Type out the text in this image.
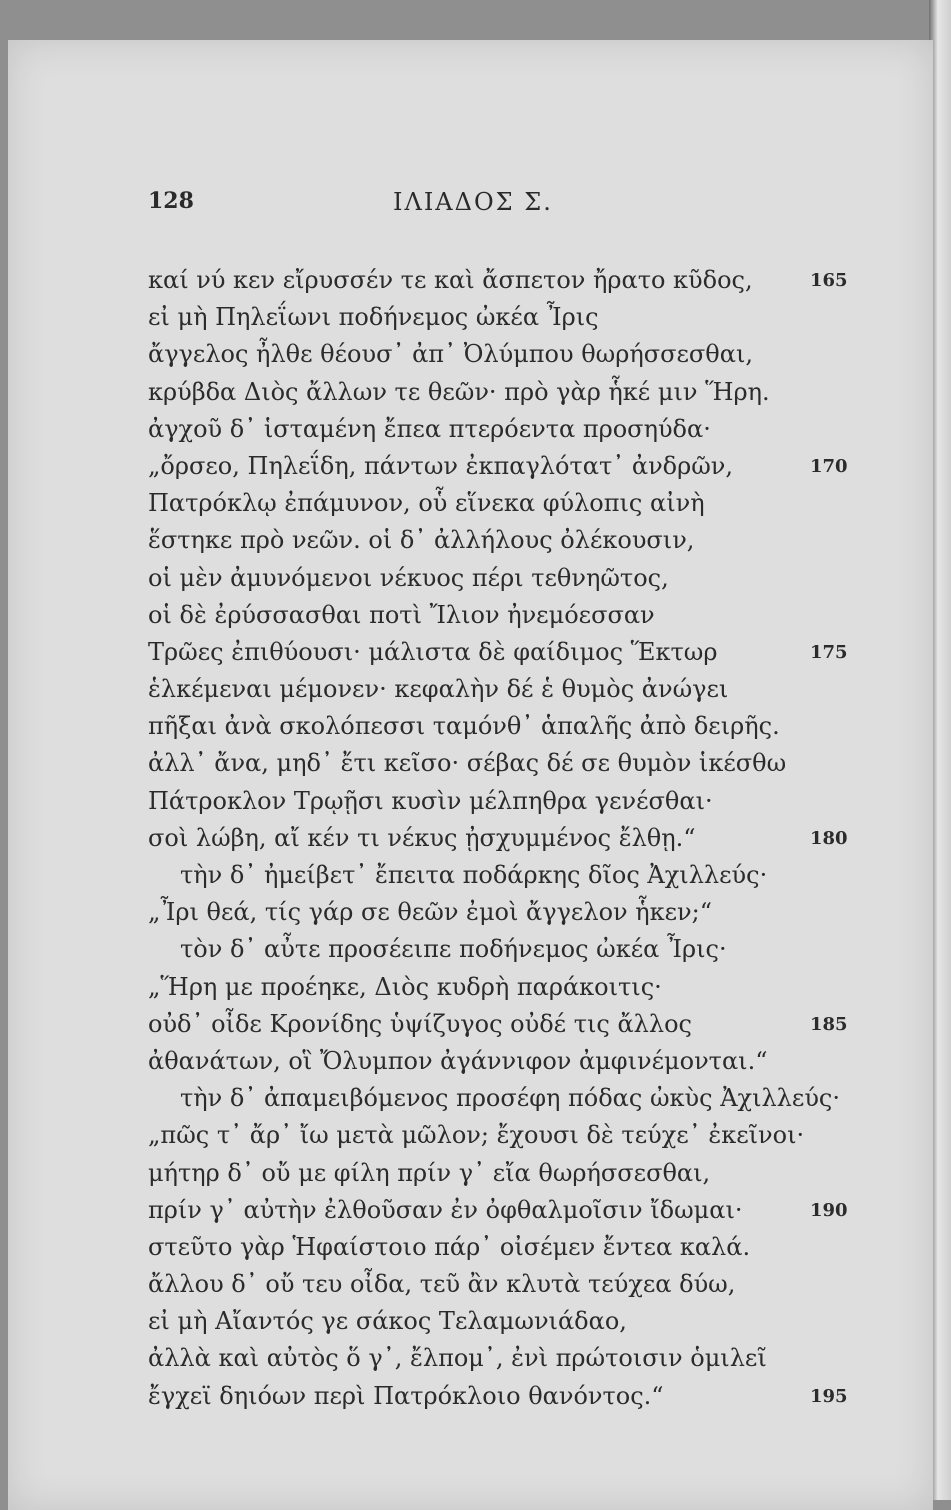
128	ΙΛΙΑΔΟΣ Σ.
καί νύ κεν εἴρυσσέν τε καὶ ἄσπετον ἤρατο κῦδος,	165
εἰ μὴ Πηλεΐωνι ποδήνεμος ὠκέα Ἶρις
ἄγγελος ἦλθε θέουσ᾽ ἀπ᾽ Ὀλύμπου θωρήσσεσθαι,
κρύβδα Διὸς ἄλλων τε θεῶν· πρὸ γὰρ ἧκέ μιν Ἥρη.
ἀγχοῦ δ᾽ ἱσταμένη ἔπεα πτερόεντα προσηύδα·
„ὄρσεο, Πηλεΐδη, πάντων ἐκπαγλότατ᾽ ἀνδρῶν,	170
Πατρόκλῳ ἐπάμυνον, οὗ εἵνεκα φύλοπις αἰνὴ
ἕστηκε πρὸ νεῶν. οἱ δ᾽ ἀλλήλους ὀλέκουσιν,
οἱ μὲν ἀμυνόμενοι νέκυος πέρι τεθνηῶτος,
οἱ δὲ ἐρύσσασθαι ποτὶ Ἴλιον ἠνεμόεσσαν
Τρῶες ἐπιθύουσι· μάλιστα δὲ φαίδιμος Ἕκτωρ	175
ἑλκέμεναι μέμονεν· κεφαλὴν δέ ἑ θυμὸς ἀνώγει
πῆξαι ἀνὰ σκολόπεσσι ταμόνθ᾽ ἁπαλῆς ἀπὸ δειρῆς.
ἀλλ᾽ ἄνα, μηδ᾽ ἔτι κεῖσο· σέβας δέ σε θυμὸν ἱκέσθω
Πάτροκλον Τρῳῇσι κυσὶν μέλπηθρα γενέσθαι·
σοὶ λώβη, αἴ κέν τι νέκυς ᾐσχυμμένος ἔλθῃ.“	180
τὴν δ᾽ ἠμείβετ᾽ ἔπειτα ποδάρκης δῖος Ἀχιλλεύς·
„Ἶρι θεά, τίς γάρ σε θεῶν ἐμοὶ ἄγγελον ἧκεν;“
τὸν δ᾽ αὖτε προσέειπε ποδήνεμος ὠκέα Ἶρις·
„Ἥρη με προέηκε, Διὸς κυδρὴ παράκοιτις·
οὐδ᾽ οἶδε Κρονίδης ὑψίζυγος οὐδέ τις ἄλλος	185
ἀθανάτων, οἳ Ὄλυμπον ἀγάννιφον ἀμφινέμονται.“
τὴν δ᾽ ἀπαμειβόμενος προσέφη πόδας ὠκὺς Ἀχιλλεύς·
„πῶς τ᾽ ἄρ᾽ ἴω μετὰ μῶλον; ἔχουσι δὲ τεύχε᾽ ἐκεῖνοι·
μήτηρ δ᾽ οὔ με φίλη πρίν γ᾽ εἴα θωρήσσεσθαι,
πρίν γ᾽ αὐτὴν ἐλθοῦσαν ἐν ὀφθαλμοῖσιν ἴδωμαι·	190
στεῦτο γὰρ Ἡφαίστοιο πάρ᾽ οἰσέμεν ἔντεα καλά.
ἄλλου δ᾽ οὔ τευ οἶδα, τεῦ ἂν κλυτὰ τεύχεα δύω,
εἰ μὴ Αἴαντός γε σάκος Τελαμωνιάδαο,
ἀλλὰ καὶ αὐτὸς ὅ γ᾽, ἔλπομ᾽, ἐνὶ πρώτοισιν ὁμιλεῖ
ἔγχεϊ δηιόων περὶ Πατρόκλοιο θανόντος.“	195
